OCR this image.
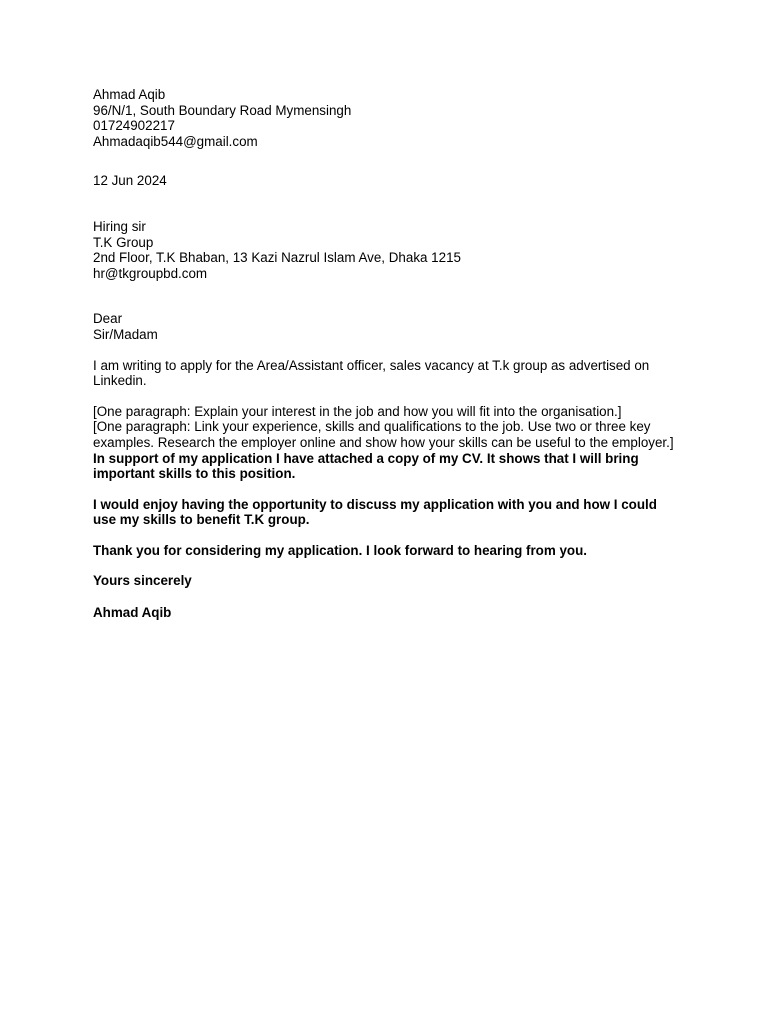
Ahmad Aqib
96/N/1, South Boundary Road Mymensingh
01724902217
Ahmadaqib544@gmail.com
12 Jun 2024
Hiring sir
T.K Group
2nd Floor, T.K Bhaban, 13 Kazi Nazrul Islam Ave, Dhaka 1215
hr@tkgroupbd.com
Dear
Sir/Madam

I am writing to apply for the Area/Assistant officer, sales vacancy at T.k group as advertised on Linkedin.

[One paragraph: Explain your interest in the job and how you will fit into the organisation.]

[One paragraph: Link your experience, skills and qualifications to the job. Use two or three key examples. Research the employer online and show how your skills can be useful to the employer.]

In support of my application I have attached a copy of my CV. It shows that I will bring important skills to this position.

I would enjoy having the opportunity to discuss my application with you and how I could use my skills to benefit T.K group.

Thank you for considering my application. I look forward to hearing from you.

Yours sincerely

Ahmad Aqib
